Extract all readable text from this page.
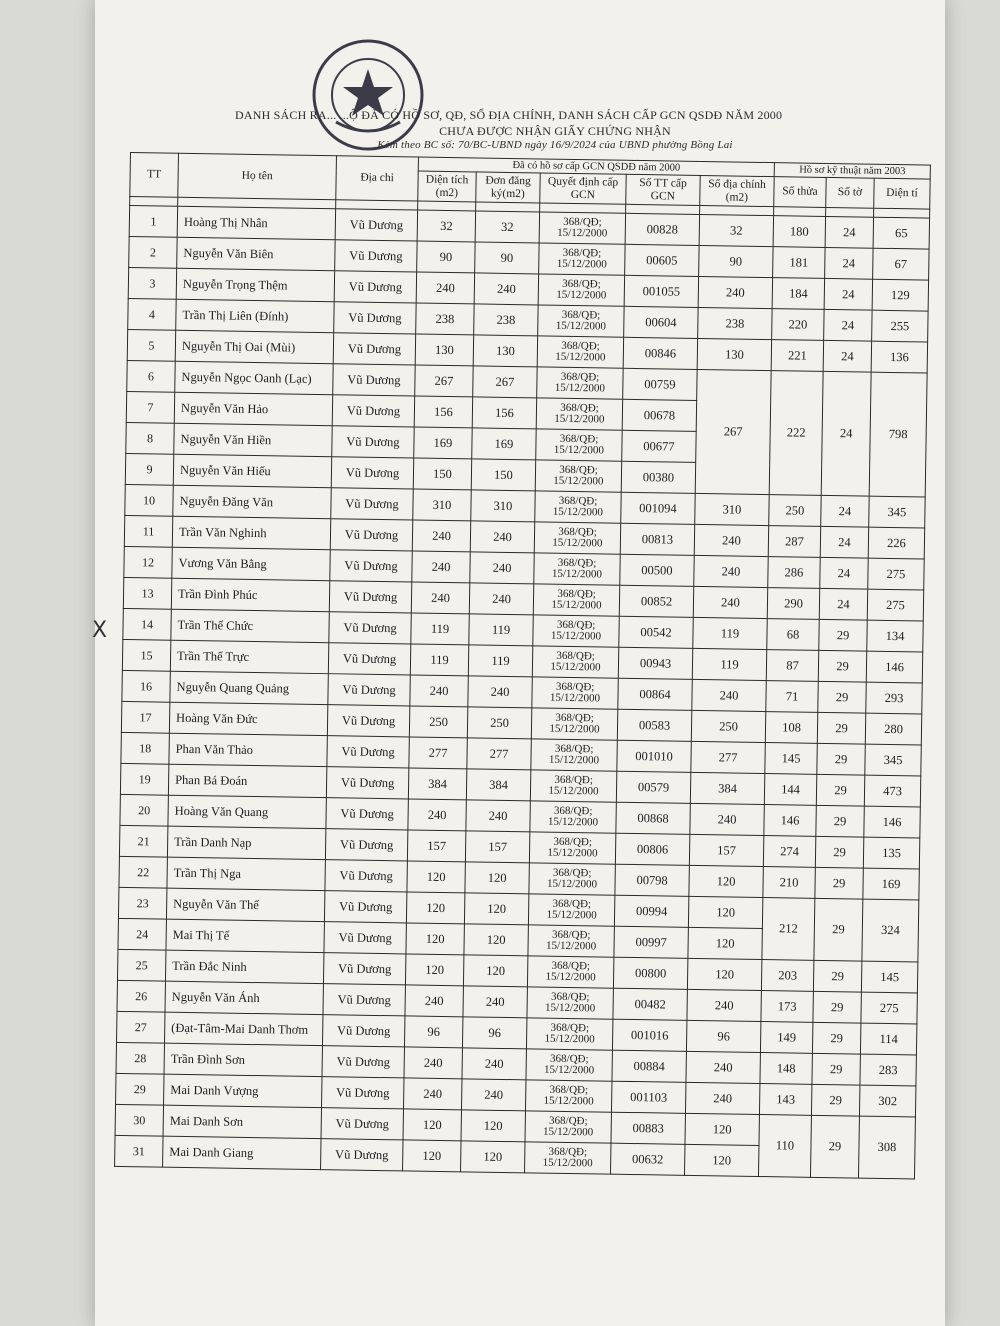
DANH SÁCH RA... ...Ộ ĐÃ CÓ HỒ SƠ, QĐ, SỔ ĐỊA CHÍNH, DANH SÁCH CẤP GCN QSDĐ NĂM 2000
CHƯA ĐƯỢC NHẬN GIẤY CHỨNG NHẬN
Kèm theo BC số: 70/BC-UBND ngày 16/9/2024 của UBND phường Bồng Lai
X
TT	Họ tên	Địa chỉ	Đã có hồ sơ cấp GCN QSDĐ năm 2000					Hồ sơ kỹ thuật năm 2003		
			Diện tích (m2)	Đơn đăng ký(m2)	Quyết định cấp GCN	Số TT cấp GCN	Số địa chính (m2)	Số thửa	Số tờ	Diện tí

1	Hoàng Thị Nhân	Vũ Dương	32	32	368/QĐ; 15/12/2000	00828	32	180	24	65
2	Nguyễn Văn Biên	Vũ Dương	90	90	368/QĐ; 15/12/2000	00605	90	181	24	67
3	Nguyễn Trọng Thệm	Vũ Dương	240	240	368/QĐ; 15/12/2000	001055	240	184	24	129
4	Trần Thị Liên (Đính)	Vũ Dương	238	238	368/QĐ; 15/12/2000	00604	238	220	24	255
5	Nguyễn Thị Oai (Mùi)	Vũ Dương	130	130	368/QĐ; 15/12/2000	00846	130	221	24	136
6	Nguyễn Ngọc Oanh (Lạc)	Vũ Dương	267	267	368/QĐ; 15/12/2000	00759	267	222	24	798
7	Nguyễn Văn Hảo	Vũ Dương	156	156	368/QĐ; 15/12/2000	00678				
8	Nguyễn Văn Hiền	Vũ Dương	169	169	368/QĐ; 15/12/2000	00677				
9	Nguyễn Văn Hiếu	Vũ Dương	150	150	368/QĐ; 15/12/2000	00380				
10	Nguyễn Đăng Văn	Vũ Dương	310	310	368/QĐ; 15/12/2000	001094	310	250	24	345
11	Trần Văn Nghinh	Vũ Dương	240	240	368/QĐ; 15/12/2000	00813	240	287	24	226
12	Vương Văn Bằng	Vũ Dương	240	240	368/QĐ; 15/12/2000	00500	240	286	24	275
13	Trần Đình Phúc	Vũ Dương	240	240	368/QĐ; 15/12/2000	00852	240	290	24	275
14	Trần Thế Chức	Vũ Dương	119	119	368/QĐ; 15/12/2000	00542	119	68	29	134
15	Trần Thế Trực	Vũ Dương	119	119	368/QĐ; 15/12/2000	00943	119	87	29	146
16	Nguyễn Quang Quảng	Vũ Dương	240	240	368/QĐ; 15/12/2000	00864	240	71	29	293
17	Hoàng Văn Đức	Vũ Dương	250	250	368/QĐ; 15/12/2000	00583	250	108	29	280
18	Phan Văn Thảo	Vũ Dương	277	277	368/QĐ; 15/12/2000	001010	277	145	29	345
19	Phan Bá Đoán	Vũ Dương	384	384	368/QĐ; 15/12/2000	00579	384	144	29	473
20	Hoàng Văn Quang	Vũ Dương	240	240	368/QĐ; 15/12/2000	00868	240	146	29	146
21	Trần Danh Nạp	Vũ Dương	157	157	368/QĐ; 15/12/2000	00806	157	274	29	135
22	Trần Thị Nga	Vũ Dương	120	120	368/QĐ; 15/12/2000	00798	120	210	29	169
23	Nguyễn Văn Thể	Vũ Dương	120	120	368/QĐ; 15/12/2000	00994	120	212	29	324
24	Mai Thị Tể	Vũ Dương	120	120	368/QĐ; 15/12/2000	00997	120			
25	Trần Đắc Ninh	Vũ Dương	120	120	368/QĐ; 15/12/2000	00800	120	203	29	145
26	Nguyễn Văn Ánh	Vũ Dương	240	240	368/QĐ; 15/12/2000	00482	240	173	29	275
27	(Đạt-Tâm-Mai Danh Thơm	Vũ Dương	96	96	368/QĐ; 15/12/2000	001016	96	149	29	114
28	Trần Đình Sơn	Vũ Dương	240	240	368/QĐ; 15/12/2000	00884	240	148	29	283
29	Mai Danh Vượng	Vũ Dương	240	240	368/QĐ; 15/12/2000	001103	240	143	29	302
30	Mai Danh Sơn	Vũ Dương	120	120	368/QĐ; 15/12/2000	00883	120	110	29	308
31	Mai Danh Giang	Vũ Dương	120	120	368/QĐ; 15/12/2000	00632	120			
